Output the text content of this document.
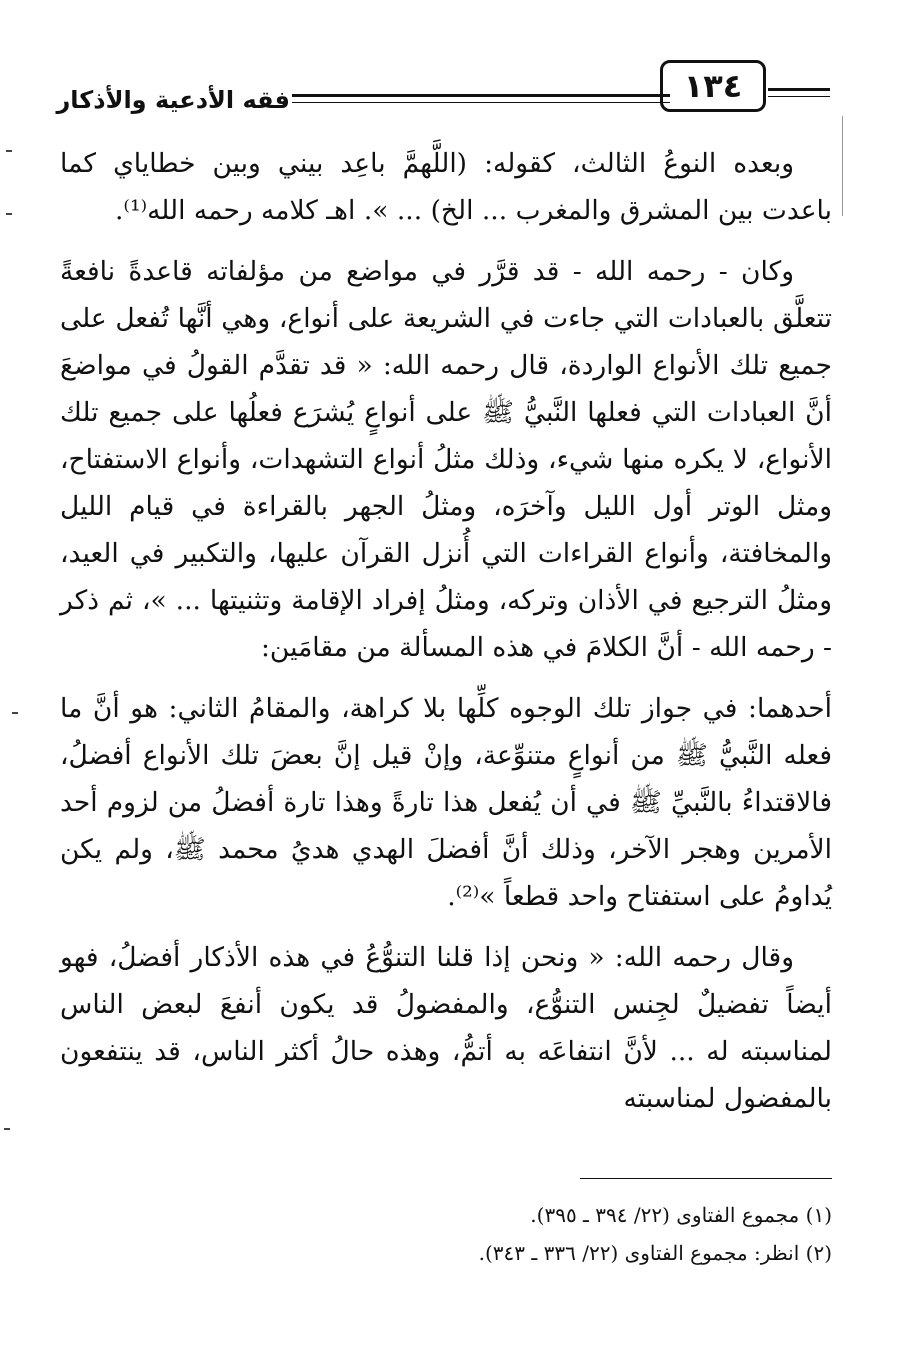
فقه الأدعية والأذكار	١٣٤

وبعده النوعُ الثالث، كقوله: (اللَّهمَّ باعِد بيني وبين خطاياي كما باعدت بين المشرق والمغرب ... الخ) ... ». اهـ كلامه رحمه الله⁽¹⁾.

وكان - رحمه الله - قد قرَّر في مواضع من مؤلفاته قاعدةً نافعةً تتعلَّق بالعبادات التي جاءت في الشريعة على أنواع، وهي أنَّها تُفعل على جميع تلك الأنواع الواردة، قال رحمه الله: « قد تقدَّم القولُ في مواضعَ أنَّ العبادات التي فعلها النَّبيُّ ﷺ على أنواعٍ يُشرَع فعلُها على جميع تلك الأنواع، لا يكره منها شيء، وذلك مثلُ أنواع التشهدات، وأنواع الاستفتاح، ومثل الوتر أول الليل وآخرَه، ومثلُ الجهر بالقراءة في قيام الليل والمخافتة، وأنواع القراءات التي أُنزل القرآن عليها، والتكبير في العيد، ومثلُ الترجيع في الأذان وتركه، ومثلُ إفراد الإقامة وتثنيتها ... »، ثم ذكر - رحمه الله - أنَّ الكلامَ في هذه المسألة من مقامَين:

أحدهما: في جواز تلك الوجوه كلِّها بلا كراهة، والمقامُ الثاني: هو أنَّ ما فعله النَّبيُّ ﷺ من أنواعٍ متنوِّعة، وإنْ قيل إنَّ بعضَ تلك الأنواع أفضلُ، فالاقتداءُ بالنَّبيِّ ﷺ في أن يُفعل هذا تارةً وهذا تارة أفضلُ من لزوم أحد الأمرين وهجر الآخر، وذلك أنَّ أفضلَ الهدي هديُ محمد ﷺ، ولم يكن يُداومُ على استفتاح واحد قطعاً »⁽²⁾.

وقال رحمه الله: « ونحن إذا قلنا التنوُّعُ في هذه الأذكار أفضلُ، فهو أيضاً تفضيلٌ لجِنس التنوُّع، والمفضولُ قد يكون أنفعَ لبعض الناس لمناسبته له ... لأنَّ انتفاعَه به أتمُّ، وهذه حالُ أكثر الناس، قد ينتفعون بالمفضول لمناسبته

(١) مجموع الفتاوى (٢٢/ ٣٩٤ ـ ٣٩٥).
(٢) انظر: مجموع الفتاوى (٢٢/ ٣٣٦ ـ ٣٤٣).
